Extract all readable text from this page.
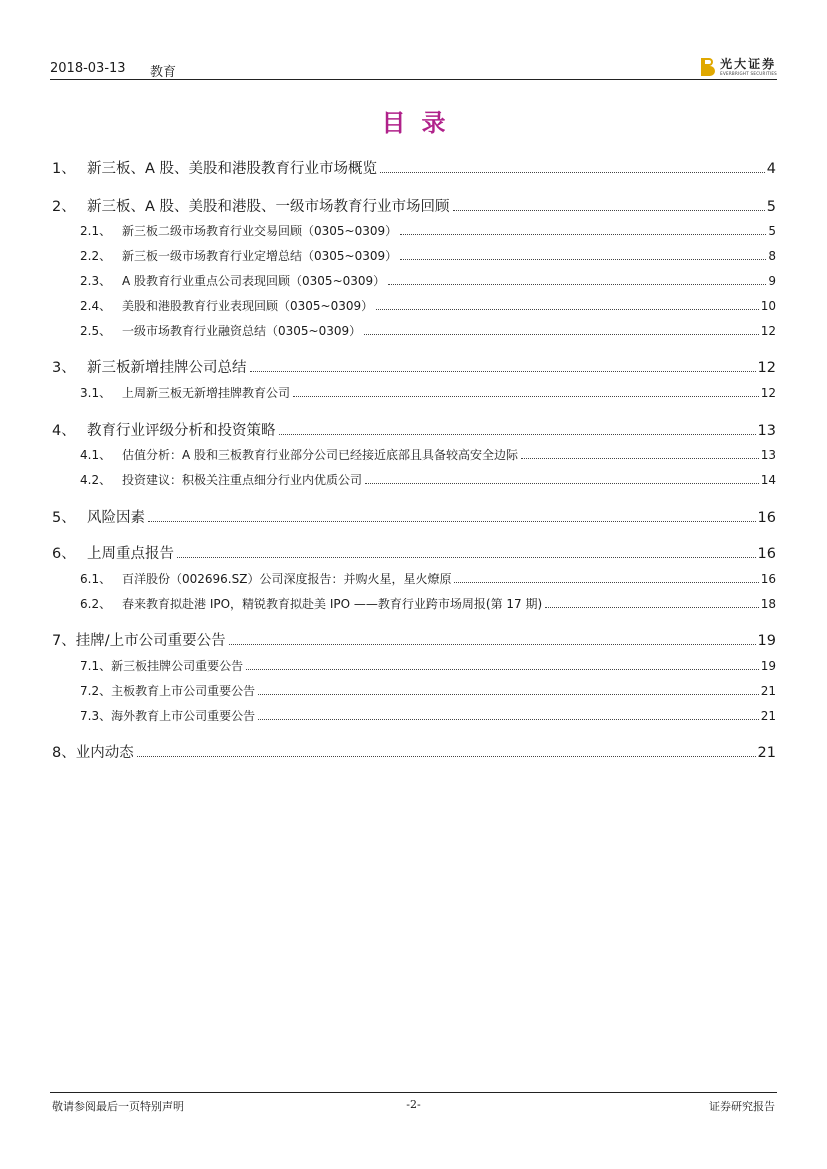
2018-03-13 教育
光大证券
EVERBRIGHT SECURITIES
目录
1、 新三板、A 股、美股和港股教育行业市场概览	4
2、 新三板、A 股、美股和港股、一级市场教育行业市场回顾	5
2.1、 新三板二级市场教育行业交易回顾（0305~0309）	5
2.2、 新三板一级市场教育行业定增总结（0305~0309）	8
2.3、 A 股教育行业重点公司表现回顾（0305~0309）	9
2.4、 美股和港股教育行业表现回顾（0305~0309）	10
2.5、 一级市场教育行业融资总结（0305~0309）	12
3、 新三板新增挂牌公司总结	12
3.1、 上周新三板无新增挂牌教育公司	12
4、 教育行业评级分析和投资策略	13
4.1、 估值分析：A 股和三板教育行业部分公司已经接近底部且具备较高安全边际	13
4.2、 投资建议：积极关注重点细分行业内优质公司	14
5、 风险因素	16
6、 上周重点报告	16
6.1、 百洋股份（002696.SZ）公司深度报告：并购火星，星火燎原	16
6.2、 春来教育拟赴港 IPO，精锐教育拟赴美 IPO ——教育行业跨市场周报(第 17 期)	18
7、 挂牌/上市公司重要公告	19
7.1、 新三板挂牌公司重要公告	19
7.2、 主板教育上市公司重要公告	21
7.3、 海外教育上市公司重要公告	21
8、 业内动态	21
敬请参阅最后一页特别声明	-2-	证券研究报告
